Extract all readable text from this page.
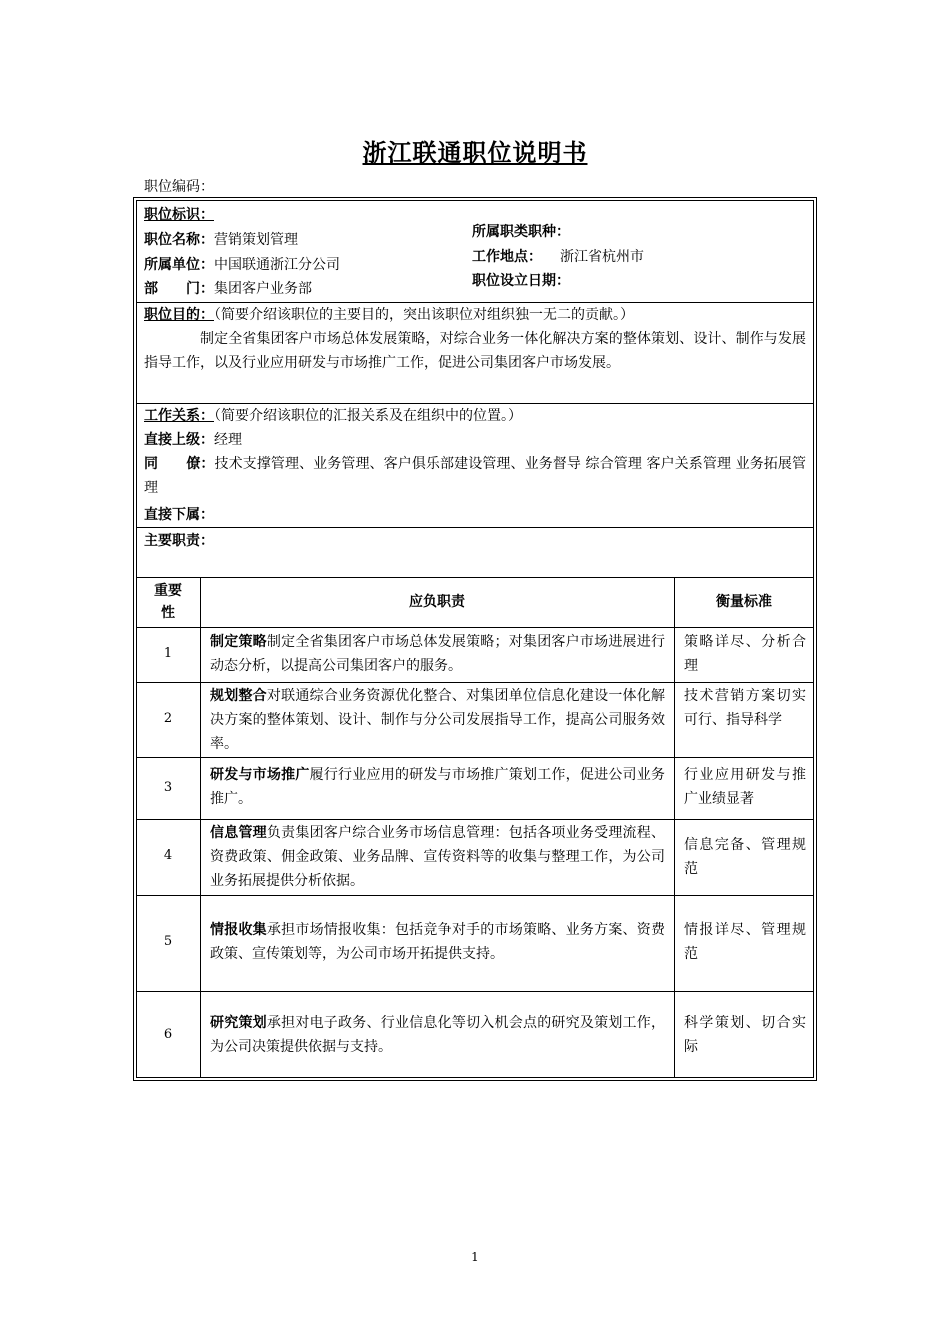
浙江联通职位说明书
职位编码：
职位标识：
职位名称：营销策划管理
所属单位：中国联通浙江分公司
部　　门：集团客户业务部
所属职类职种：
工作地点： 浙江省杭州市
职位设立日期：
职位目的：（简要介绍该职位的主要目的，突出该职位对组织独一无二的贡献。）
制定全省集团客户市场总体发展策略，对综合业务一体化解决方案的整体策划、设计、制作与发展指导工作，以及行业应用研发与市场推广工作，促进公司集团客户市场发展。
工作关系：（简要介绍该职位的汇报关系及在组织中的位置。）
直接上级：经理
同　　僚：技术支撑管理、业务管理、客户俱乐部建设管理、业务督导 综合管理 客户关系管理 业务拓展管理
直接下属：
主要职责：
重要性
应负职责	衡量标准
1
制定策略制定全省集团客户市场总体发展策略；对集团客户市场进展进行动态分析，以提高公司集团客户的服务。
策略详尽、分析合理
2
规划整合对联通综合业务资源优化整合、对集团单位信息化建设一体化解决方案的整体策划、设计、制作与分公司发展指导工作，提高公司服务效率。
技术营销方案切实可行、指导科学
3
研发与市场推广履行行业应用的研发与市场推广策划工作，促进公司业务推广。
行业应用研发与推广业绩显著
4
信息管理负责集团客户综合业务市场信息管理：包括各项业务受理流程、资费政策、佣金政策、业务品牌、宣传资料等的收集与整理工作，为公司业务拓展提供分析依据。
信息完备、管理规范
5
情报收集承担市场情报收集：包括竞争对手的市场策略、业务方案、资费政策、宣传策划等，为公司市场开拓提供支持。
情报详尽、管理规范
6
研究策划承担对电子政务、行业信息化等切入机会点的研究及策划工作，为公司决策提供依据与支持。
科学策划、切合实际
1
